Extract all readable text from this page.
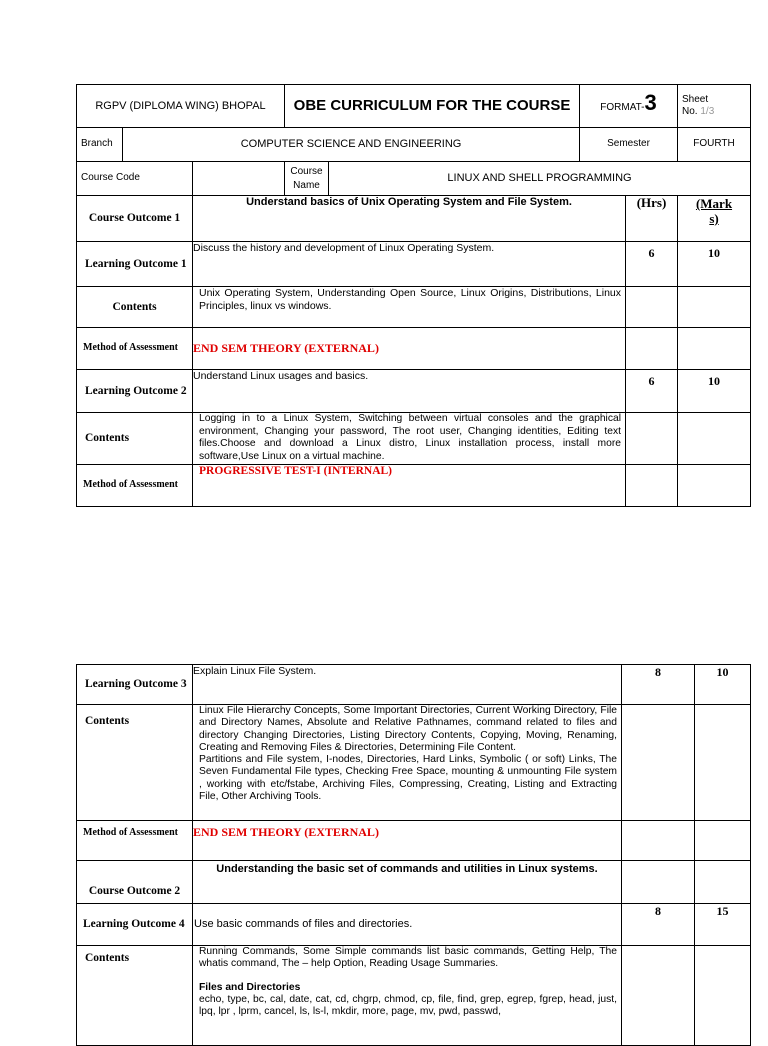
RGPV (DIPLOMA WING) BHOPAL			OBE CURRICULUM FOR THE COURSE		FORMAT-3		Sheet
No. 1/3

Branch	COMPUTER SCIENCE AND ENGINEERING				Semester		FOURTH
Course Code			Course Name	LINUX AND SHELL PROGRAMMING			
Course Outcome 1		Understand basics of Unix Operating System and File System.				(Hrs)	(Marks)
Learning Outcome 1		Discuss the history and development of Linux Operating System.				6	10
Contents		Unix Operating System, Understanding Open Source, Linux Origins, Distributions, Linux Principles, linux vs windows.					
Method of Assessment		END SEM THEORY (EXTERNAL)					
Learning Outcome 2		Understand Linux usages and basics.				6	10
Contents		Logging in to a Linux System, Switching between virtual consoles and the graphical environment, Changing your password, The root user, Changing identities, Editing text files.Choose and download a Linux distro, Linux installation process, install more software,Use Linux on a virtual machine.					
Method of Assessment		PROGRESSIVE TEST-I (INTERNAL)					
Learning Outcome 3	Explain Linux File System.	8	10
Contents	Linux File Hierarchy Concepts, Some Important Directories, Current Working Directory, File and Directory Names, Absolute and Relative Pathnames, command related to files and directory Changing Directories, Listing Directory Contents, Copying, Moving, Renaming, Creating and Removing Files & Directories, Determining File Content.
Partitions and File system, I-nodes, Directories, Hard Links, Symbolic ( or soft) Links, The Seven Fundamental File types, Checking Free Space, mounting & unmounting File system , working with etc/fstabe, Archiving Files, Compressing, Creating, Listing and Extracting File, Other Archiving Tools.		

Method of Assessment	END SEM THEORY (EXTERNAL)		
Course Outcome 2	Understanding the basic set of commands and utilities in Linux systems.		
Learning Outcome 4	Use basic commands of files and directories.	8	15
Contents	Running Commands, Some Simple commands list basic commands, Getting Help, The whatis command, The – help Option, Reading Usage Summaries.
Files and Directories
echo, type, bc, cal, date, cat, cd, chgrp, chmod, cp, file, find, grep, egrep, fgrep, head, just, lpq, lpr , lprm, cancel, ls, ls-l, mkdir, more, page, mv, pwd, passwd,		
